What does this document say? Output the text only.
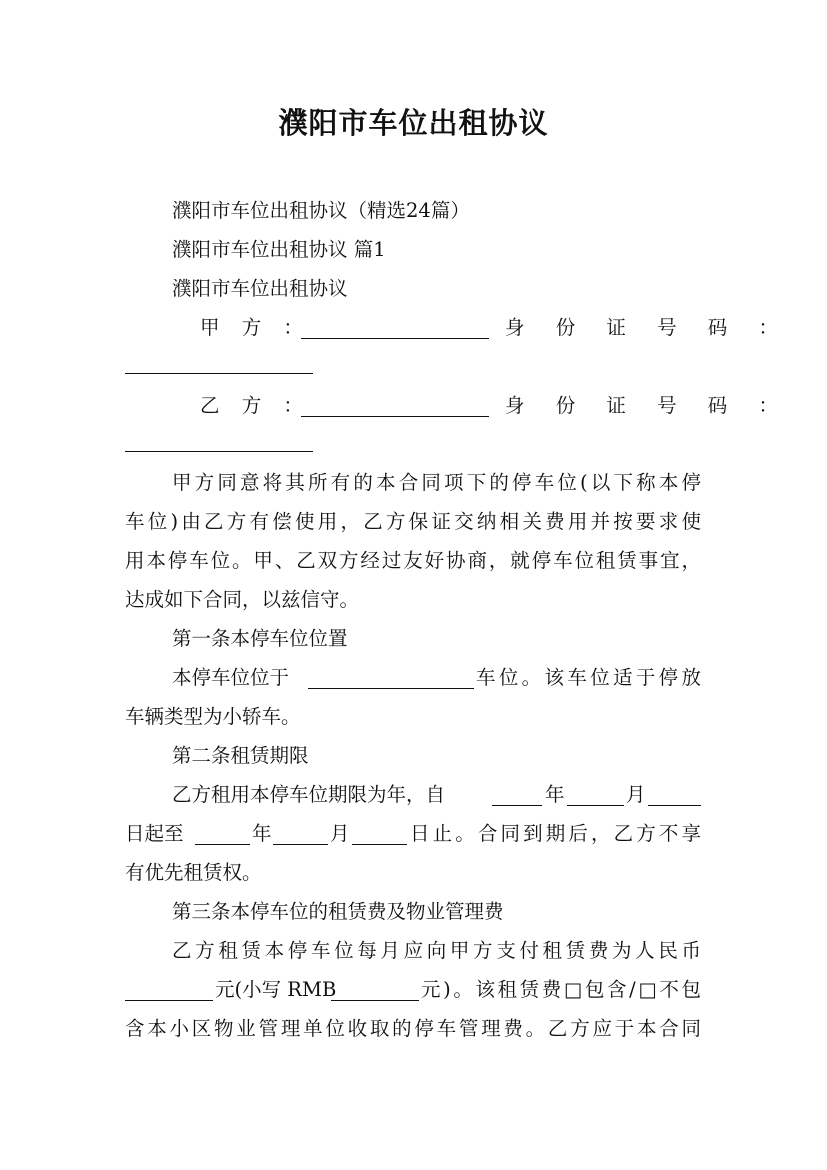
濮阳市车位出租协议
濮阳市车位出租协议（精选24篇）
濮阳市车位出租协议 篇1
濮阳市车位出租协议
甲 方 ：	身 份 证 号 码 ：
乙 方 ：	身 份 证 号 码 ：
甲方同意将其所有的本合同项下的停车位(以下称本停
车位)由乙方有偿使用，乙方保证交纳相关费用并按要求使
用本停车位。甲、乙双方经过友好协商，就停车位租赁事宜，
达成如下合同，以兹信守。
第一条本停车位位置
本停车位位于	车位。该车位适于停放
车辆类型为小轿车。
第二条租赁期限
乙方租用本停车位期限为年，自	年	月
日起至	年	月	日止。合同到期后，乙方不享
有优先租赁权。
第三条本停车位的租赁费及物业管理费
乙方租赁本停车位每月应向甲方支付租赁费为人民币
元(小写 RMB	元)。该租赁费□包含/□不包
含本小区物业管理单位收取的停车管理费。乙方应于本合同
